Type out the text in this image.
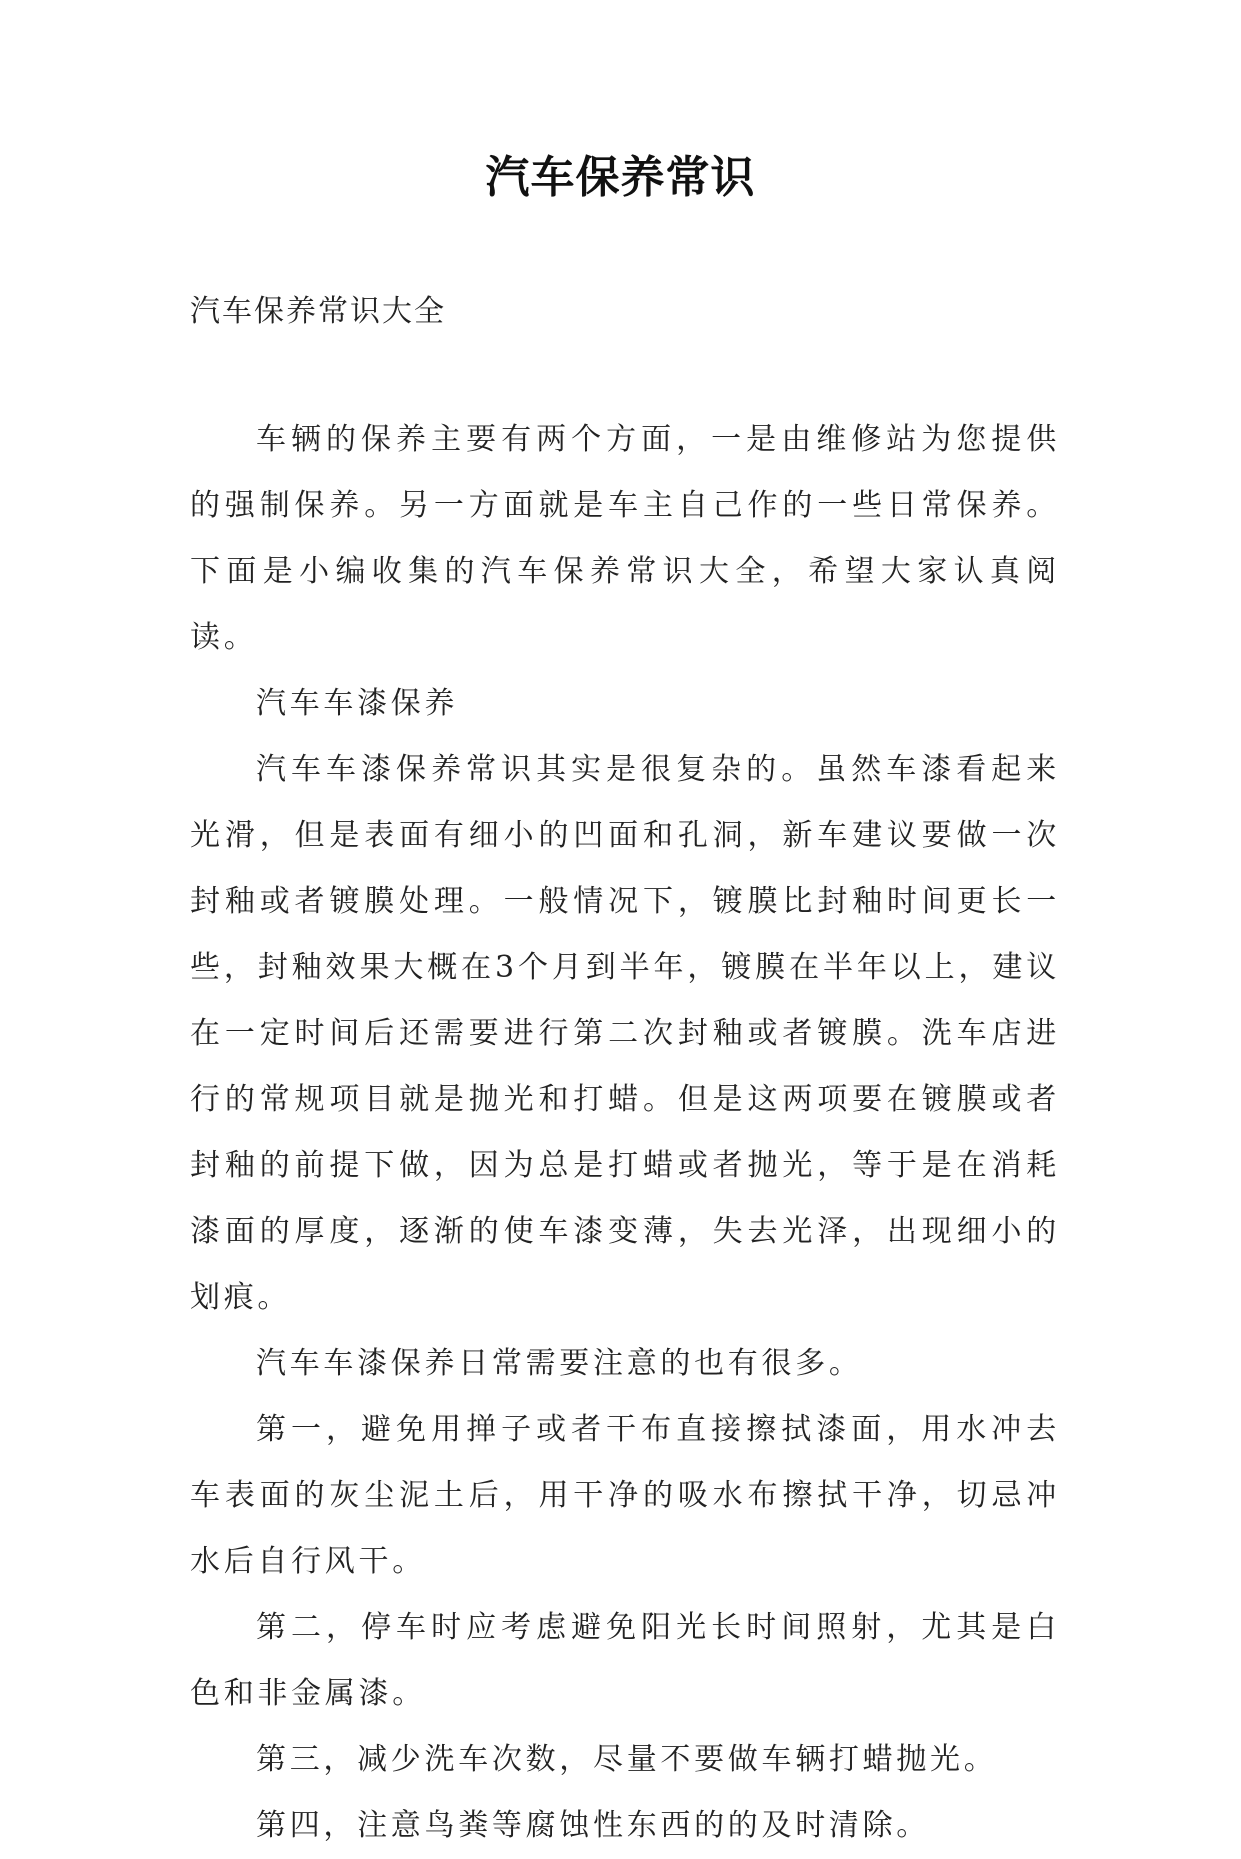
汽车保养常识

汽车保养常识大全

车辆的保养主要有两个方面，一是由维修站为您提供的强制保养。另一方面就是车主自己作的一些日常保养。下面是小编收集的汽车保养常识大全，希望大家认真阅读。

汽车车漆保养

汽车车漆保养常识其实是很复杂的。虽然车漆看起来光滑，但是表面有细小的凹面和孔洞，新车建议要做一次封釉或者镀膜处理。一般情况下，镀膜比封釉时间更长一些，封釉效果大概在3个月到半年，镀膜在半年以上，建议在一定时间后还需要进行第二次封釉或者镀膜。洗车店进行的常规项目就是抛光和打蜡。但是这两项要在镀膜或者封釉的前提下做，因为总是打蜡或者抛光，等于是在消耗漆面的厚度，逐渐的使车漆变薄，失去光泽，出现细小的划痕。

汽车车漆保养日常需要注意的也有很多。

第一，避免用掸子或者干布直接擦拭漆面，用水冲去车表面的灰尘泥土后，用干净的吸水布擦拭干净，切忌冲水后自行风干。

第二，停车时应考虑避免阳光长时间照射，尤其是白色和非金属漆。

第三，减少洗车次数，尽量不要做车辆打蜡抛光。

第四，注意鸟粪等腐蚀性东西的的及时清除。
